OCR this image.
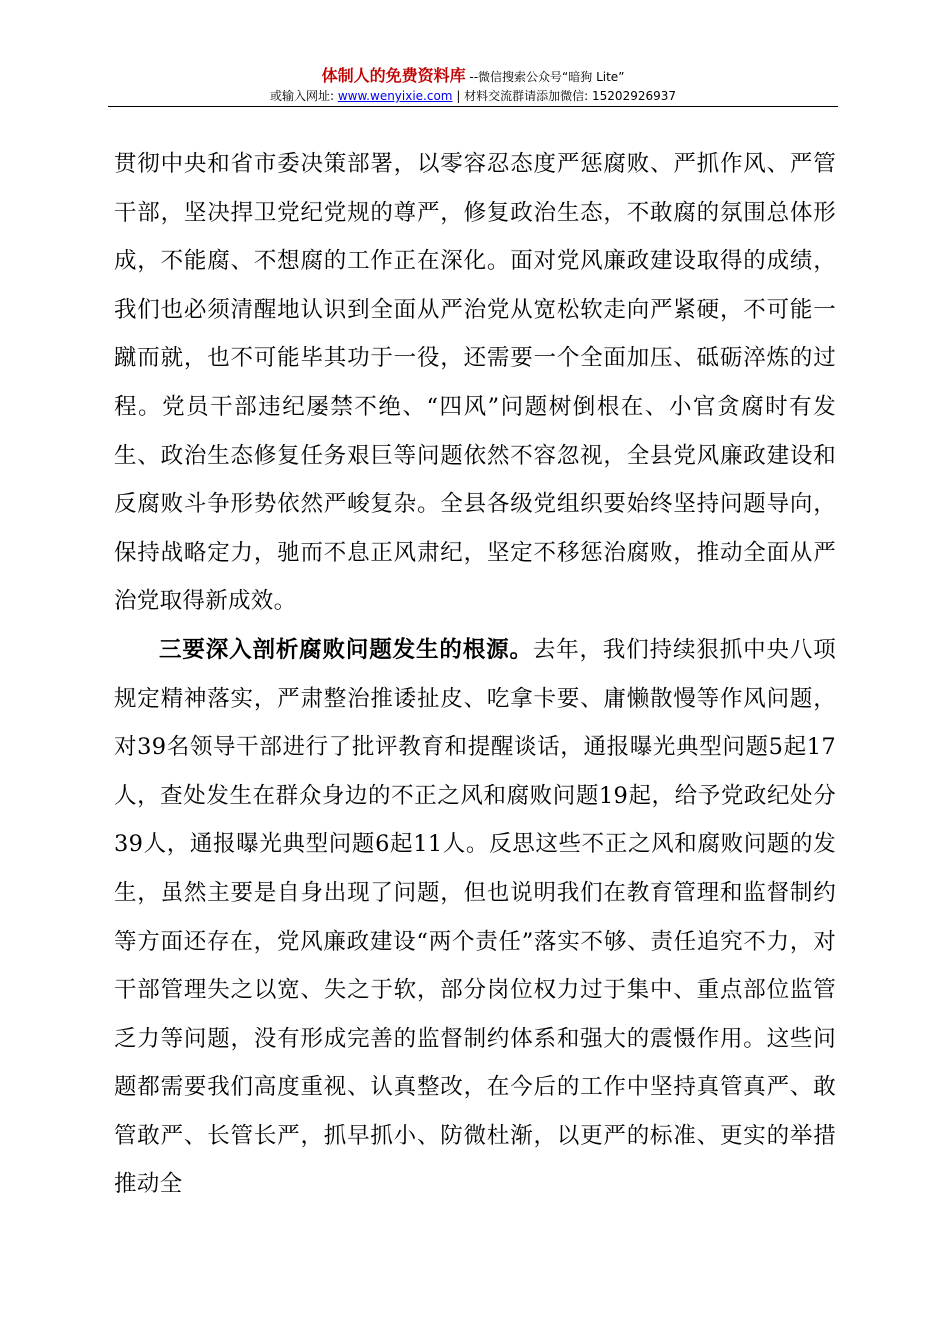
体制人的免费资料库 --微信搜索公众号“暗狗 Lite”
或输入网址: www.wenyixie.com | 材料交流群请添加微信: 15202926937

贯彻中央和省市委决策部署，以零容忍态度严惩腐败、严抓作风、严管干部，坚决捍卫党纪党规的尊严，修复政治生态，不敢腐的氛围总体形成，不能腐、不想腐的工作正在深化。面对党风廉政建设取得的成绩，我们也必须清醒地认识到全面从严治党从宽松软走向严紧硬，不可能一蹴而就，也不可能毕其功于一役，还需要一个全面加压、砥砺淬炼的过程。党员干部违纪屡禁不绝、“四风”问题树倒根在、小官贪腐时有发生、政治生态修复任务艰巨等问题依然不容忽视，全县党风廉政建设和反腐败斗争形势依然严峻复杂。全县各级党组织要始终坚持问题导向，保持战略定力，驰而不息正风肃纪，坚定不移惩治腐败，推动全面从严治党取得新成效。

三要深入剖析腐败问题发生的根源。去年，我们持续狠抓中央八项规定精神落实，严肃整治推诿扯皮、吃拿卡要、庸懒散慢等作风问题，对39名领导干部进行了批评教育和提醒谈话，通报曝光典型问题5起17人，查处发生在群众身边的不正之风和腐败问题19起，给予党政纪处分39人，通报曝光典型问题6起11人。反思这些不正之风和腐败问题的发生，虽然主要是自身出现了问题，但也说明我们在教育管理和监督制约等方面还存在，党风廉政建设“两个责任”落实不够、责任追究不力，对干部管理失之以宽、失之于软，部分岗位权力过于集中、重点部位监管乏力等问题，没有形成完善的监督制约体系和强大的震慑作用。这些问题都需要我们高度重视、认真整改，在今后的工作中坚持真管真严、敢管敢严、长管长严，抓早抓小、防微杜渐，以更严的标准、更实的举措推动全
